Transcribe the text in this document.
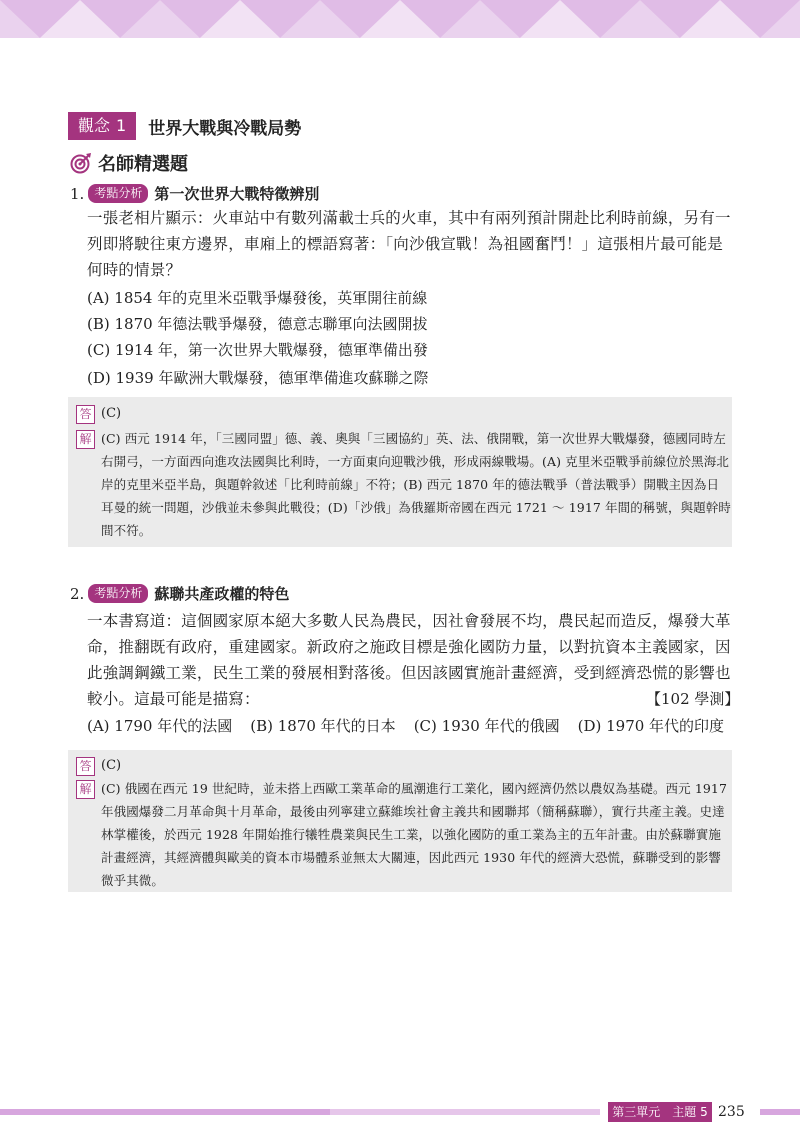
觀念 1	世界大戰與冷戰局勢
名師精選題
1. 考點分析 第一次世界大戰特徵辨別
一張老相片顯示：火車站中有數列滿載士兵的火車，其中有兩列預計開赴比利時前線，另有一列即將駛往東方邊界，車廂上的標語寫著：「向沙俄宣戰！為祖國奮鬥！」這張相片最可能是何時的情景？
(A) 1854 年的克里米亞戰爭爆發後，英軍開往前線
(B) 1870 年德法戰爭爆發，德意志聯軍向法國開拔
(C) 1914 年，第一次世界大戰爆發，德軍準備出發
(D) 1939 年歐洲大戰爆發，德軍準備進攻蘇聯之際
答 (C)
解 (C) 西元 1914 年，「三國同盟」德、義、奧與「三國協約」英、法、俄開戰，第一次世界大戰爆發，德國同時左右開弓，一方面西向進攻法國與比利時，一方面東向迎戰沙俄，形成兩線戰場。(A) 克里米亞戰爭前線位於黑海北岸的克里米亞半島，與題幹敘述「比利時前線」不符；(B) 西元 1870 年的德法戰爭（普法戰爭）開戰主因為日耳曼的統一問題，沙俄並未參與此戰役；(D)「沙俄」為俄羅斯帝國在西元 1721 ～ 1917 年間的稱號，與題幹時間不符。
2. 考點分析 蘇聯共產政權的特色
一本書寫道：這個國家原本絕大多數人民為農民，因社會發展不均，農民起而造反，爆發大革命，推翻既有政府，重建國家。新政府之施政目標是強化國防力量，以對抗資本主義國家，因此強調鋼鐵工業，民生工業的發展相對落後。但因該國實施計畫經濟，受到經濟恐慌的影響也較小。這最可能是描寫：	【102 學測】
(A) 1790 年代的法國 (B) 1870 年代的日本 (C) 1930 年代的俄國 (D) 1970 年代的印度
答 (C)
解 (C) 俄國在西元 19 世紀時，並未搭上西歐工業革命的風潮進行工業化，國內經濟仍然以農奴為基礎。西元 1917 年俄國爆發二月革命與十月革命，最後由列寧建立蘇維埃社會主義共和國聯邦（簡稱蘇聯），實行共產主義。史達林掌權後，於西元 1928 年開始推行犧牲農業與民生工業，以強化國防的重工業為主的五年計畫。由於蘇聯實施計畫經濟，其經濟體與歐美的資本市場體系並無太大關連，因此西元 1930 年代的經濟大恐慌，蘇聯受到的影響微乎其微。
第三單元　主題 5 235
